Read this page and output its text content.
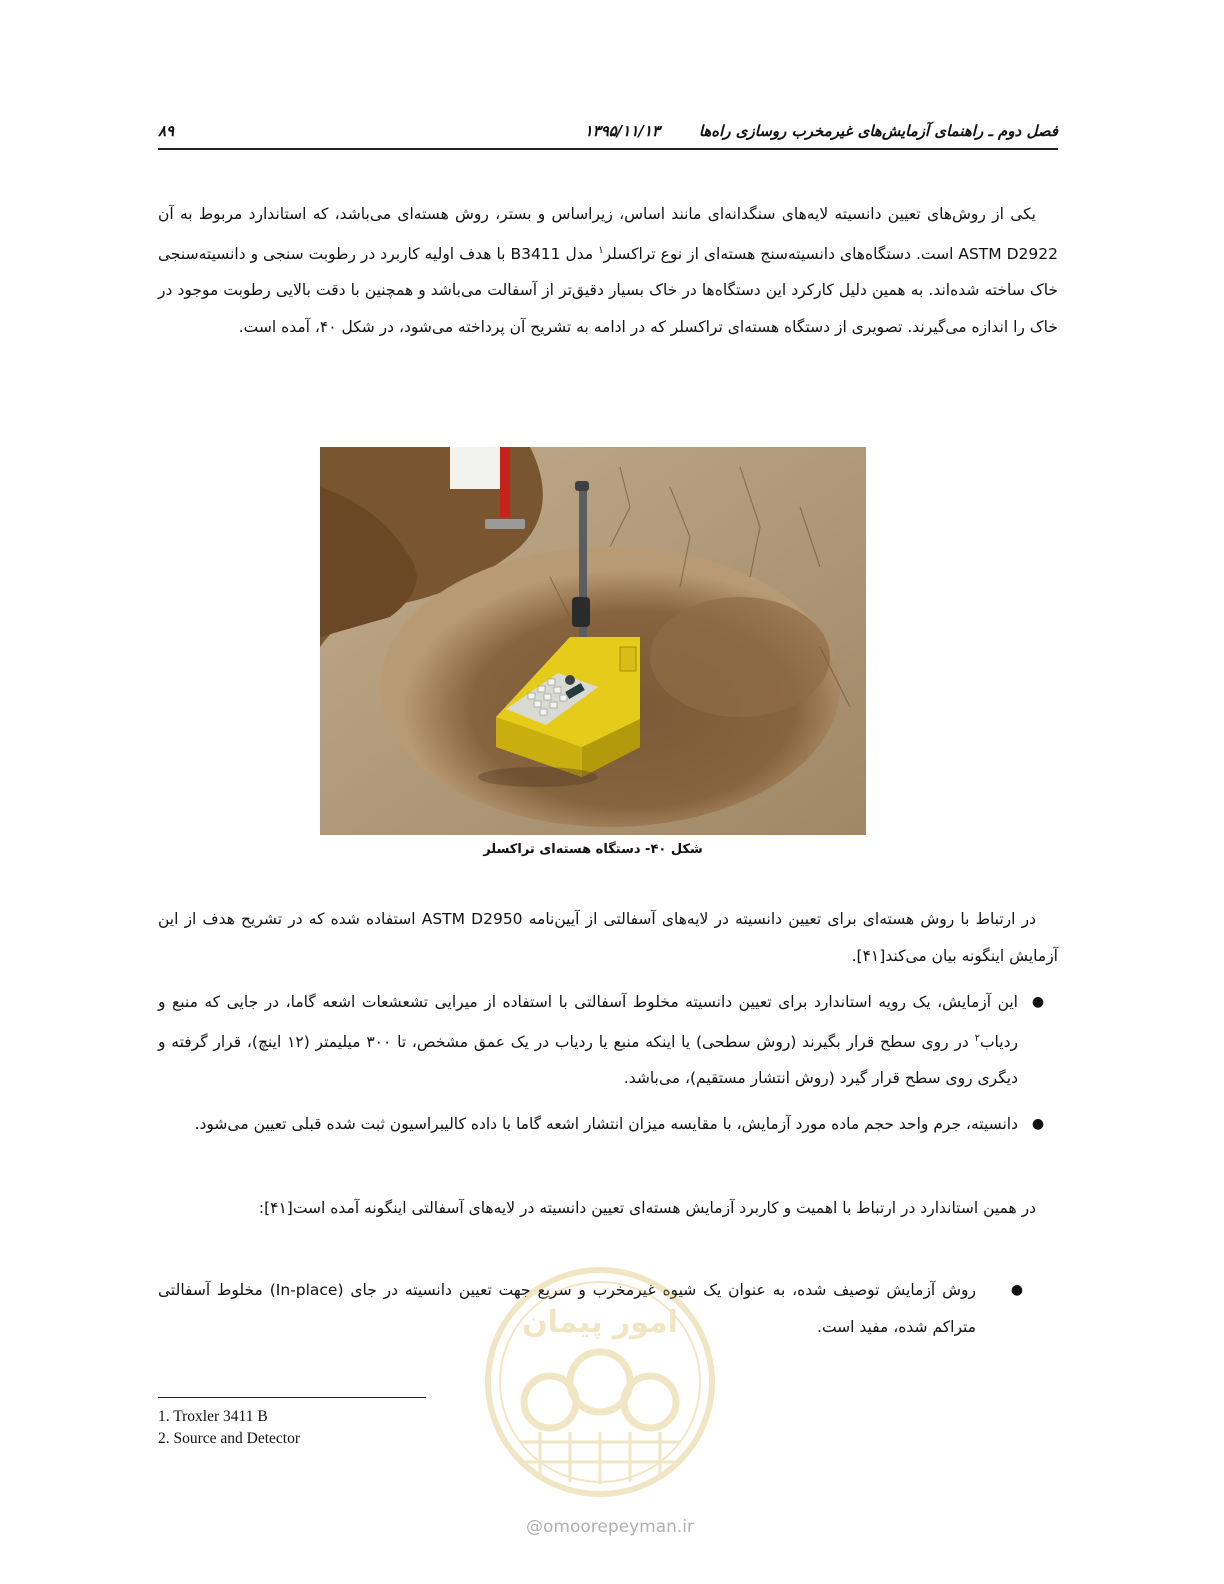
فصل دوم ـ راهنمای آزمایش‌های غیرمخرب روسازی راه‌ها
۱۳۹۵/۱۱/۱۳
۸۹
یکی از روش‌های تعیین دانسیته لایه‌های سنگدانه‌ای مانند اساس، زیراساس و بستر، روش هسته‌ای می‌باشد، که استاندارد مربوط به آن ASTM D2922 است. دستگاه‌های دانسیته‌سنج هسته‌ای از نوع تراکسلر$^۱$ مدل B3411 با هدف اولیه کاربرد در رطوبت سنجی و دانسیته‌سنجی خاک ساخته شده‌اند. به همین دلیل کارکرد این دستگاه‌ها در خاک بسیار دقیق‌تر از آسفالت می‌باشد و همچنین با دقت بالایی رطوبت موجود در خاک را اندازه می‌گیرند. تصویری از دستگاه هسته‌ای تراکسلر که در ادامه به تشریح آن پرداخته می‌شود، در شکل ۴۰، آمده است.
شکل ۴۰- دستگاه هسته‌ای تراکسلر
در ارتباط با روش هسته‌ای برای تعیین دانسیته در لایه‌های آسفالتی از آیین‌نامه ASTM D2950 استفاده شده که در تشریح هدف از این آزمایش اینگونه بیان می‌کند[۴۱].
●
این آزمایش، یک رویه استاندارد برای تعیین دانسیته مخلوط آسفالتی با استفاده از میرایی تشعشعات اشعه گاما، در جایی که منبع و ردیاب$^۲$ در روی سطح قرار بگیرند (روش سطحی) یا اینکه منبع یا ردیاب در یک عمق مشخص، تا ۳۰۰ میلیمتر (۱۲ اینچ)، قرار گرفته و دیگری روی سطح قرار گیرد (روش انتشار مستقیم)، می‌باشد.
●
دانسیته، جرم واحد حجم ماده مورد آزمایش، با مقایسه میزان انتشار اشعه گاما با داده کالیبراسیون ثبت شده قبلی تعیین می‌شود.
در همین استاندارد در ارتباط با اهمیت و کاربرد آزمایش هسته‌ای تعیین دانسیته در لایه‌های آسفالتی اینگونه آمده است[۴۱]:
●
روش آزمایش توصیف شده، به عنوان یک شیوه غیرمخرب و سریع جهت تعیین دانسیته در جای (In-place) مخلوط آسفالتی متراکم شده، مفید است.
1. Troxler 3411 B
2. Source and Detector
امور پیمان
@omoorepeyman.ir
